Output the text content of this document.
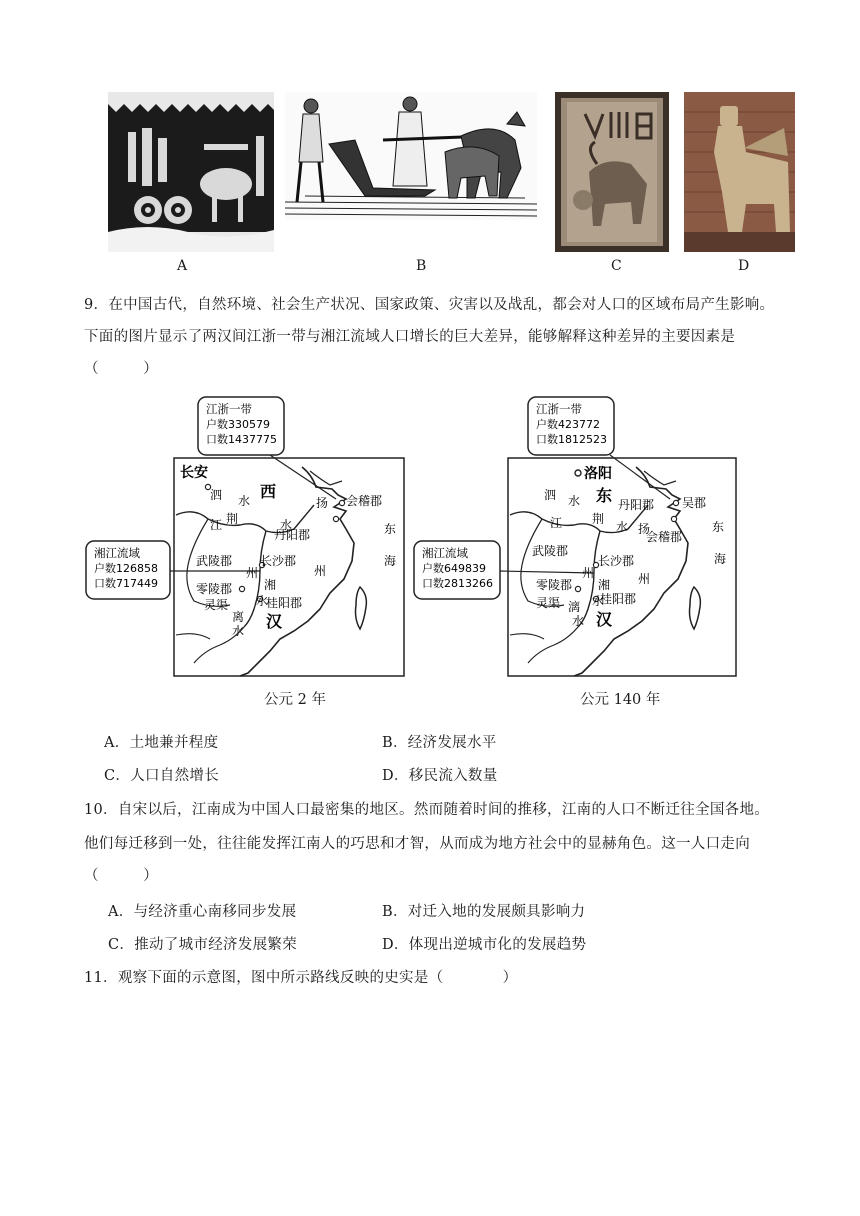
A	B	C	D
9．在中国古代，自然环境、社会生产状况、国家政策、灾害以及战乱，都会对人口的区域布局产生影响。
下面的图片显示了两汉间江浙一带与湘江流域人口增长的巨大差异，能够解释这种差异的主要因素是
（　　　）
江浙一带
户数330579
口数1437775
湘江流域
户数126858
口数717449
长安
西
汉
泗 水
荆
江	水
扬
丹阳郡
会稽郡
东
海
武陵郡 长沙郡
州
湘
水
州
零陵郡
桂阳郡
灵渠
离
水
公元 2 年
江浙一带
户数423772
口数1812523
湘江流域
户数649839
口数2813266
洛阳
东
汉
泗 水
荆
江	水 扬
丹阳郡 吴郡
会稽郡
东
海
武陵郡
长沙郡
州
湘
水
州
零陵郡
桂阳郡
灵渠 漓
水
公元 140 年
A．土地兼并程度	B．经济发展水平
C．人口自然增长	D．移民流入数量
10．自宋以后，江南成为中国人口最密集的地区。然而随着时间的推移，江南的人口不断迁往全国各地。
他们每迁移到一处，往往能发挥江南人的巧思和才智，从而成为地方社会中的显赫角色。这一人口走向
（　　　）
A．与经济重心南移同步发展	B．对迁入地的发展颇具影响力
C．推动了城市经济发展繁荣	D．体现出逆城市化的发展趋势
11．观察下面的示意图，图中所示路线反映的史实是（　　　　）
